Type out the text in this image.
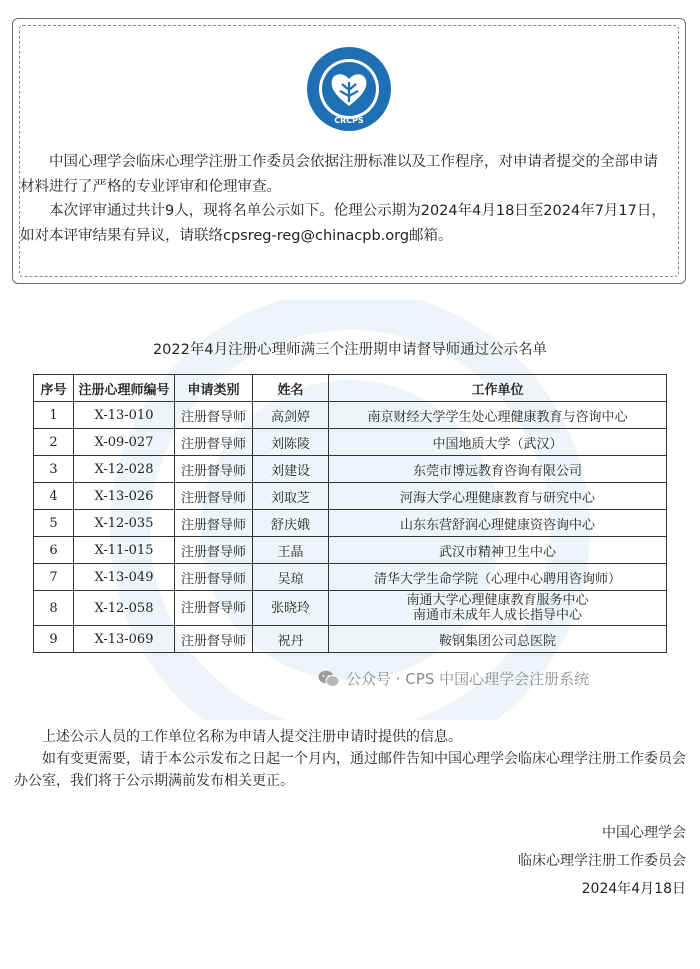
CRCPS

中国心理学会临床心理学注册工作委员会依据注册标准以及工作程序，对申请者提交的全部申请材料进行了严格的专业评审和伦理审查。

本次评审通过共计9人，现将名单公示如下。伦理公示期为2024年4月18日至2024年7月17日，如对本评审结果有异议，请联络cpsreg-reg@chinacpb.org邮箱。

2022年4月注册心理师满三个注册期申请督导师通过公示名单
序号	注册心理师编号	申请类别	姓名	工作单位
1	X-13-010	注册督导师	高剑婷	南京财经大学学生处心理健康教育与咨询中心

2	X-09-027	注册督导师	刘陈陵	中国地质大学（武汉）

3	X-12-028	注册督导师	刘建设	东莞市博远教育咨询有限公司

4	X-13-026	注册督导师	刘取芝	河海大学心理健康教育与研究中心

5	X-12-035	注册督导师	舒庆娥	山东东营舒润心理健康资咨询中心

6	X-11-015	注册督导师	王晶	武汉市精神卫生中心

7	X-13-049	注册督导师	吴琼	清华大学生命学院（心理中心聘用咨询师）

8	X-12-058	注册督导师	张晓玲	南通大学心理健康教育服务中心
南通市未成年人成长指导中心

9	X-13-069	注册督导师	祝丹	鞍钢集团公司总医院
公众号 · CPS 中国心理学会注册系统

上述公示人员的工作单位名称为申请人提交注册申请时提供的信息。

如有变更需要，请于本公示发布之日起一个月内，通过邮件告知中国心理学会临床心理学注册工作委员会办公室，我们将于公示期满前发布相关更正。

中国心理学会
临床心理学注册工作委员会
2024年4月18日
